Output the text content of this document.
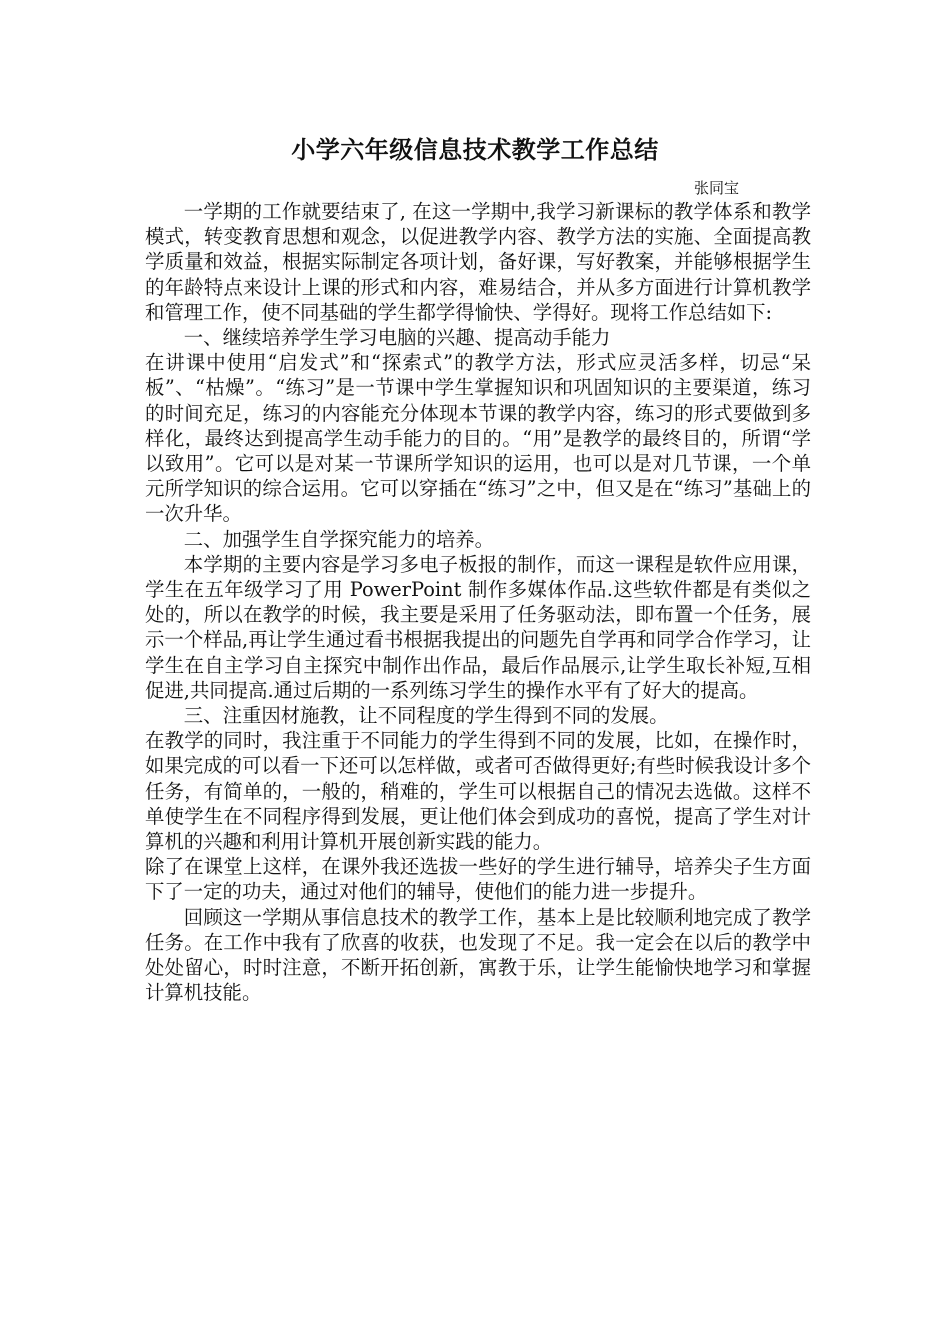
小学六年级信息技术教学工作总结

张同宝

一学期的工作就要结束了, 在这一学期中,我学习新课标的教学体系和教学模式，转变教育思想和观念，以促进教学内容、教学方法的实施、全面提高教学质量和效益，根据实际制定各项计划，备好课，写好教案，并能够根据学生的年龄特点来设计上课的形式和内容，难易结合，并从多方面进行计算机教学和管理工作，使不同基础的学生都学得愉快、学得好。现将工作总结如下:

一、继续培养学生学习电脑的兴趣、提高动手能力

在讲课中使用“启发式”和“探索式”的教学方法，形式应灵活多样，切忌“呆板”、“枯燥”。“练习”是一节课中学生掌握知识和巩固知识的主要渠道，练习的时间充足，练习的内容能充分体现本节课的教学内容，练习的形式要做到多样化，最终达到提高学生动手能力的目的。“用”是教学的最终目的，所谓“学以致用”。它可以是对某一节课所学知识的运用，也可以是对几节课，一个单元所学知识的综合运用。它可以穿插在“练习”之中，但又是在“练习”基础上的一次升华。

二、加强学生自学探究能力的培养。

本学期的主要内容是学习多电子板报的制作，而这一课程是软件应用课，学生在五年级学习了用 PowerPoint 制作多媒体作品.这些软件都是有类似之处的，所以在教学的时候，我主要是采用了任务驱动法，即布置一个任务，展示一个样品,再让学生通过看书根据我提出的问题先自学再和同学合作学习，让学生在自主学习自主探究中制作出作品，最后作品展示,让学生取长补短,互相促进,共同提高.通过后期的一系列练习学生的操作水平有了好大的提高。

三、注重因材施教，让不同程度的学生得到不同的发展。

在教学的同时，我注重于不同能力的学生得到不同的发展，比如，在操作时，如果完成的可以看一下还可以怎样做，或者可否做得更好;有些时候我设计多个任务，有简单的，一般的，稍难的，学生可以根据自己的情况去选做。这样不单使学生在不同程序得到发展，更让他们体会到成功的喜悦，提高了学生对计算机的兴趣和利用计算机开展创新实践的能力。

除了在课堂上这样，在课外我还选拔一些好的学生进行辅导，培养尖子生方面下了一定的功夫，通过对他们的辅导，使他们的能力进一步提升。

回顾这一学期从事信息技术的教学工作，基本上是比较顺利地完成了教学任务。在工作中我有了欣喜的收获，也发现了不足。我一定会在以后的教学中处处留心，时时注意，不断开拓创新，寓教于乐，让学生能愉快地学习和掌握计算机技能。
